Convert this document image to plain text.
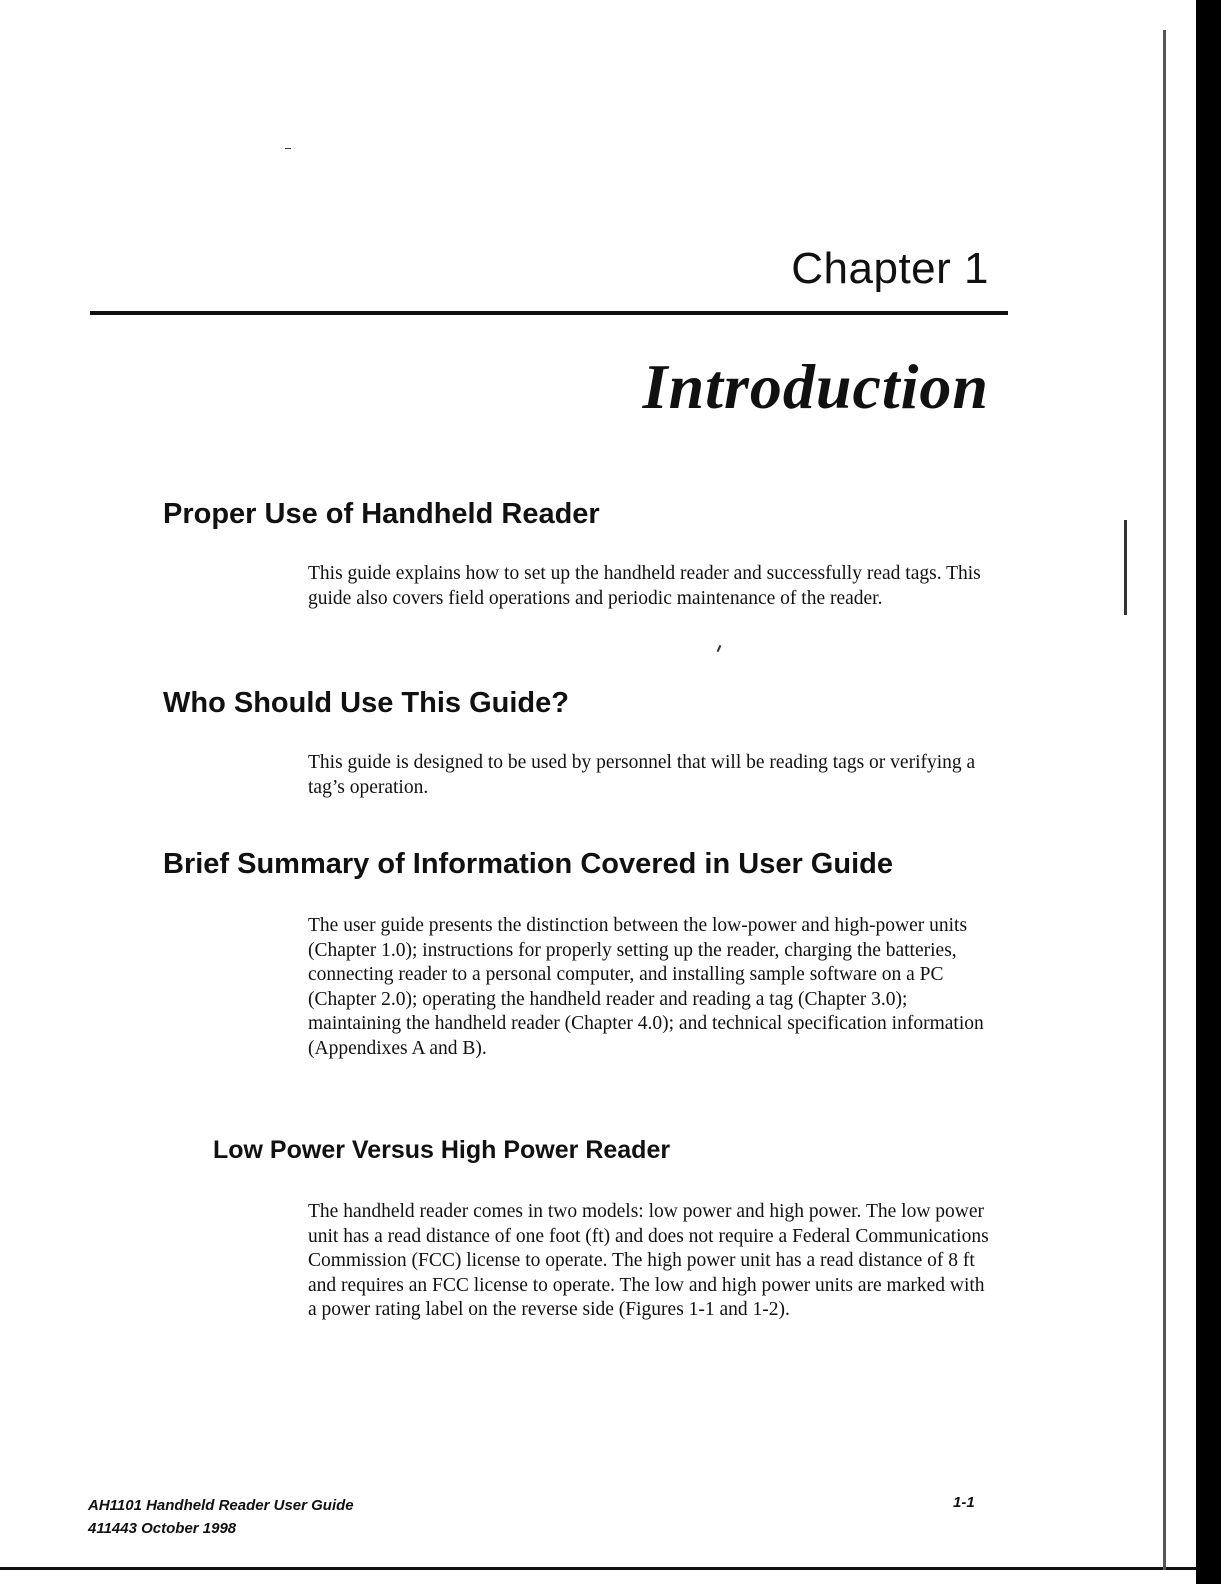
Chapter 1
Introduction
Proper Use of Handheld Reader

This guide explains how to set up the handheld reader and successfully read tags. This guide also covers field operations and periodic maintenance of the reader.

Who Should Use This Guide?

This guide is designed to be used by personnel that will be reading tags or verifying a tag’s operation.

Brief Summary of Information Covered in User Guide

The user guide presents the distinction between the low-power and high-power units (Chapter 1.0); instructions for properly setting up the reader, charging the batteries, connecting reader to a personal computer, and installing sample software on a PC (Chapter 2.0); operating the handheld reader and reading a tag (Chapter 3.0); maintaining the handheld reader (Chapter 4.0); and technical specification information (Appendixes A and B).

Low Power Versus High Power Reader

The handheld reader comes in two models: low power and high power. The low power unit has a read distance of one foot (ft) and does not require a Federal Communications Commission (FCC) license to operate. The high power unit has a read distance of 8 ft and requires an FCC license to operate. The low and high power units are marked with a power rating label on the reverse side (Figures 1-1 and 1-2).

AH1101 Handheld Reader User Guide
411443 October 1998
1-1
